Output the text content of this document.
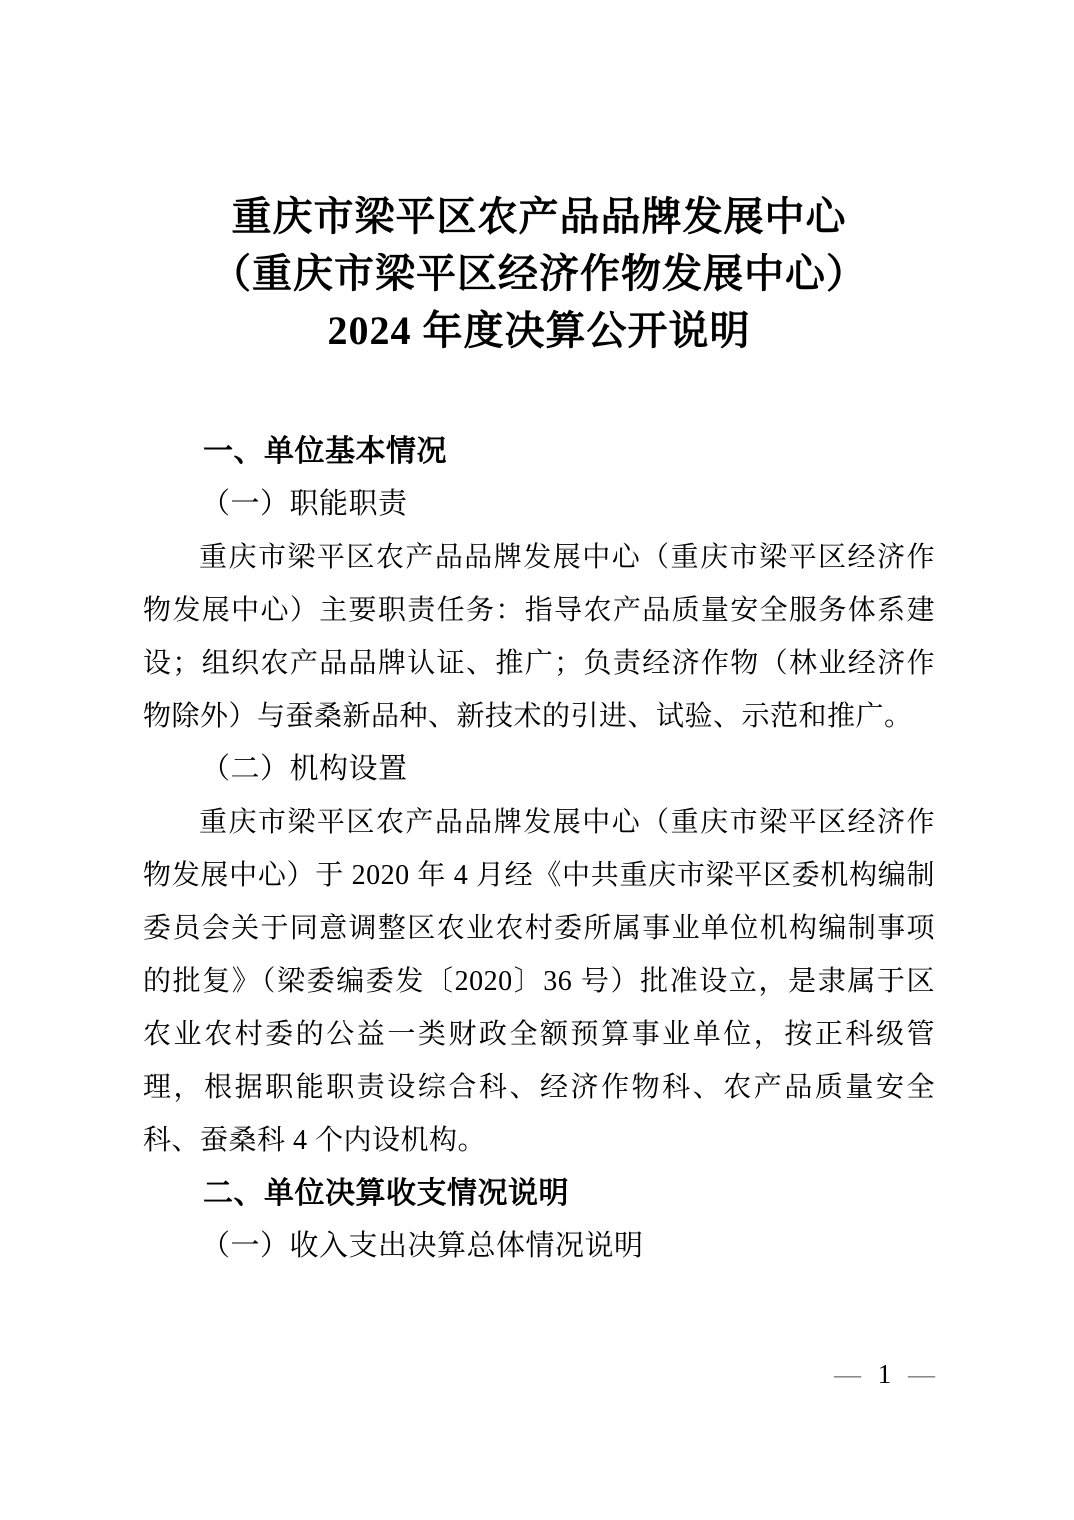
重庆市梁平区农产品品牌发展中心
（重庆市梁平区经济作物发展中心）
2024 年度决算公开说明
一、单位基本情况
（一）职能职责

重庆市梁平区农产品品牌发展中心（重庆市梁平区经济作物发展中心）主要职责任务：指导农产品质量安全服务体系建设；组织农产品品牌认证、推广；负责经济作物（林业经济作物除外）与蚕桑新品种、新技术的引进、试验、示范和推广。

（二）机构设置

重庆市梁平区农产品品牌发展中心（重庆市梁平区经济作物发展中心）于 2020 年 4 月经《中共重庆市梁平区委机构编制委员会关于同意调整区农业农村委所属事业单位机构编制事项的批复》（梁委编委发〔2020〕36 号）批准设立，是隶属于区农业农村委的公益一类财政全额预算事业单位，按正科级管理，根据职能职责设综合科、经济作物科、农产品质量安全科、蚕桑科 4 个内设机构。

二、单位决算收支情况说明
（一）收入支出决算总体情况说明
— 1 —
